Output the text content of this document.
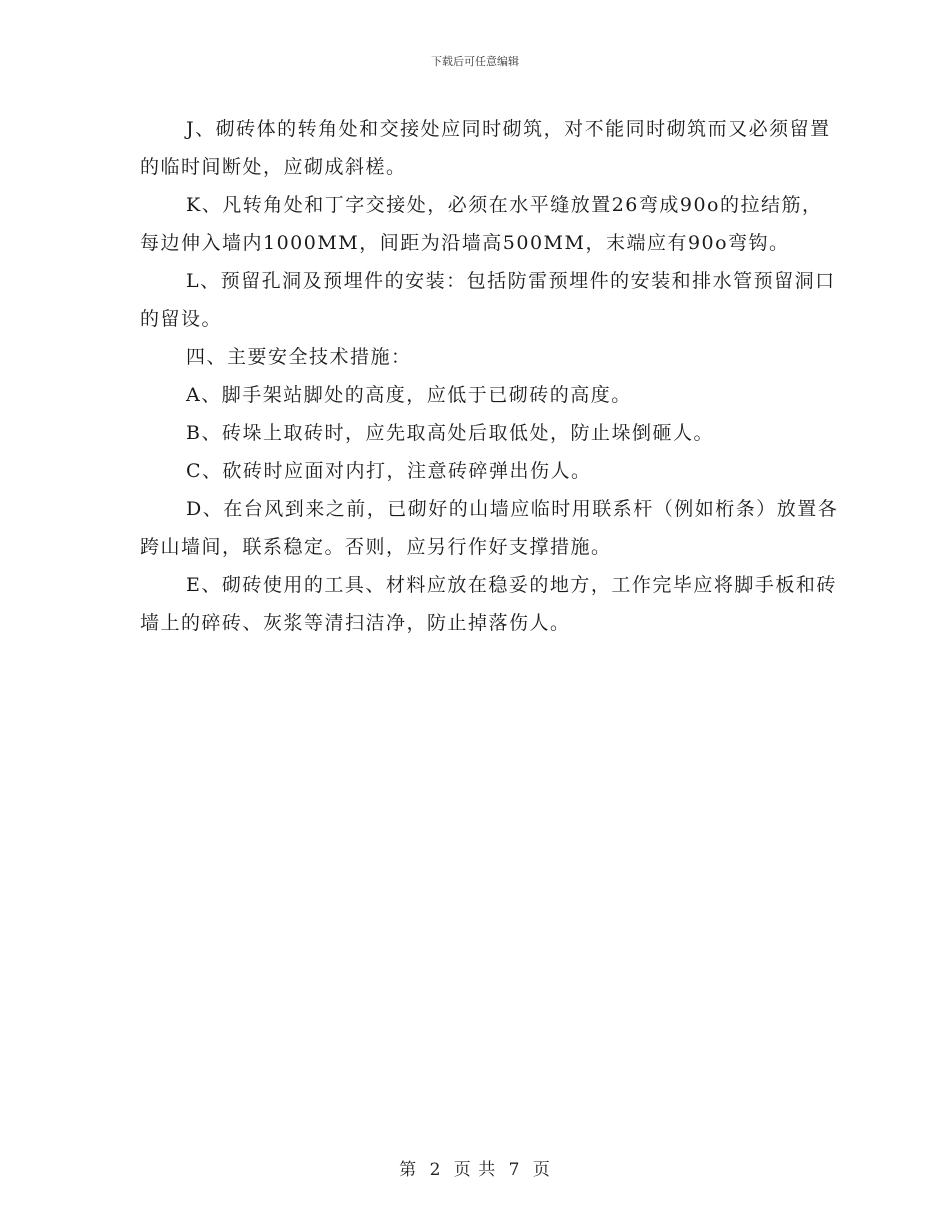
下载后可任意编辑

J、砌砖体的转角处和交接处应同时砌筑，对不能同时砌筑而又必须留置的临时间断处，应砌成斜槎。

K、凡转角处和丁字交接处，必须在水平缝放置26弯成90o的拉结筋，每边伸入墙内1000MM，间距为沿墙高500MM，末端应有90o弯钩。

L、预留孔洞及预埋件的安装：包括防雷预埋件的安装和排水管预留洞口的留设。

四、主要安全技术措施：

A、脚手架站脚处的高度，应低于已砌砖的高度。

B、砖垛上取砖时，应先取高处后取低处，防止垛倒砸人。

C、砍砖时应面对内打，注意砖碎弹出伤人。

D、在台风到来之前，已砌好的山墙应临时用联系杆（例如桁条）放置各跨山墙间，联系稳定。否则，应另行作好支撑措施。

E、砌砖使用的工具、材料应放在稳妥的地方，工作完毕应将脚手板和砖墙上的碎砖、灰浆等清扫洁净，防止掉落伤人。

第 2 页 共 7 页
